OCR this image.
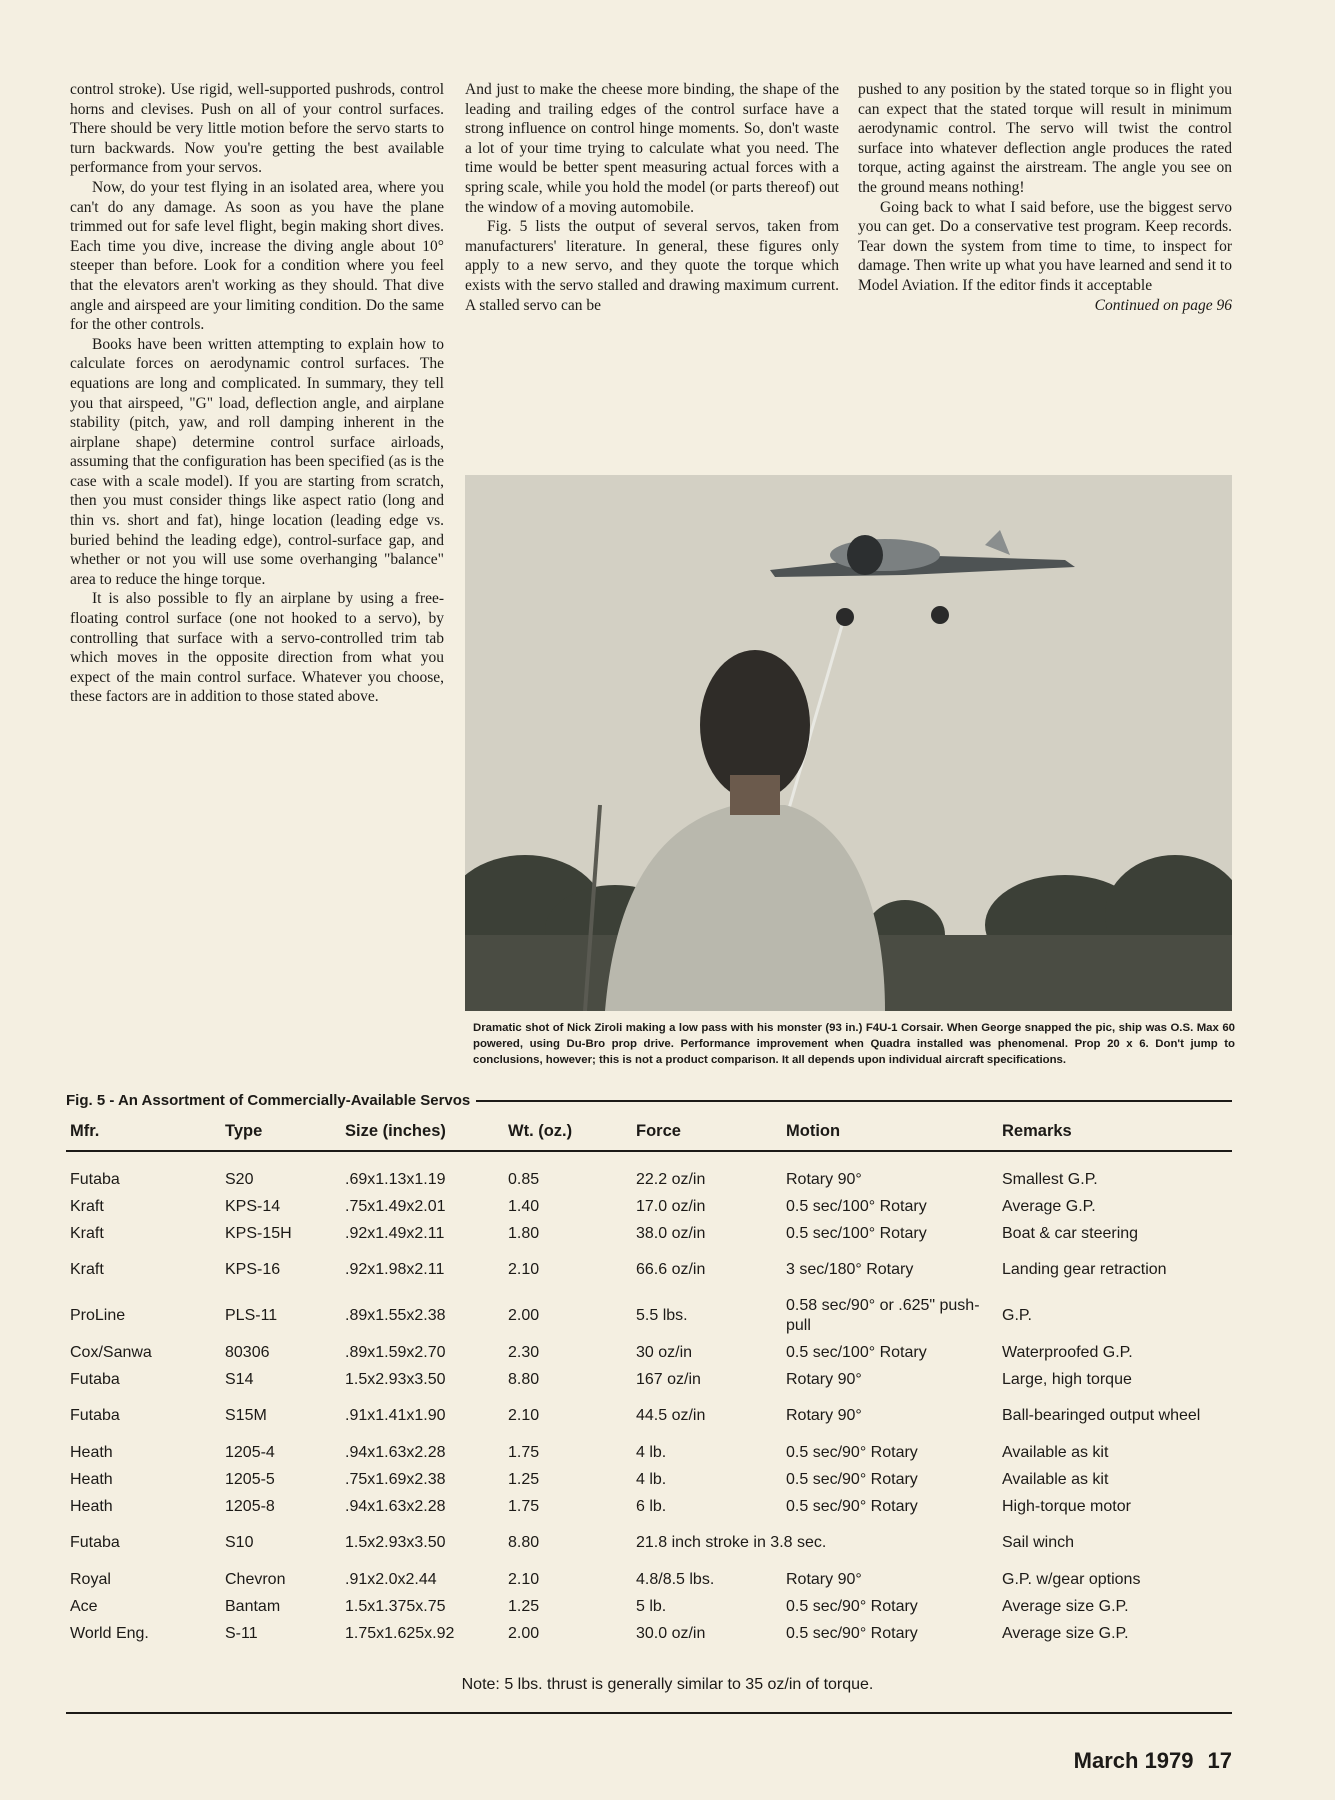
control stroke). Use rigid, well-supported pushrods, control horns and clevises. Push on all of your control surfaces. There should be very little motion before the servo starts to turn backwards. Now you're getting the best available performance from your servos.

Now, do your test flying in an isolated area, where you can't do any damage. As soon as you have the plane trimmed out for safe level flight, begin making short dives. Each time you dive, increase the diving angle about 10° steeper than before. Look for a condition where you feel that the elevators aren't working as they should. That dive angle and airspeed are your limiting condition. Do the same for the other controls.

Books have been written attempting to explain how to calculate forces on aerodynamic control surfaces. The equations are long and complicated. In summary, they tell you that airspeed, "G" load, deflection angle, and airplane stability (pitch, yaw, and roll damping inherent in the airplane shape) determine control surface airloads, assuming that the configuration has been specified (as is the case with a scale model). If you are starting from scratch, then you must consider things like aspect ratio (long and thin vs. short and fat), hinge location (leading edge vs. buried behind the leading edge), control-surface gap, and whether or not you will use some overhanging "balance" area to reduce the hinge torque.

It is also possible to fly an airplane by using a free-floating control surface (one not hooked to a servo), by controlling that surface with a servo-controlled trim tab which moves in the opposite direction from what you expect of the main control surface. Whatever you choose, these factors are in addition to those stated above.

And just to make the cheese more binding, the shape of the leading and trailing edges of the control surface have a strong influence on control hinge moments. So, don't waste a lot of your time trying to calculate what you need. The time would be better spent measuring actual forces with a spring scale, while you hold the model (or parts thereof) out the window of a moving automobile.

Fig. 5 lists the output of several servos, taken from manufacturers' literature. In general, these figures only apply to a new servo, and they quote the torque which exists with the servo stalled and drawing maximum current. A stalled servo can be

pushed to any position by the stated torque so in flight you can expect that the stated torque will result in minimum aerodynamic control. The servo will twist the control surface into whatever deflection angle produces the rated torque, acting against the airstream. The angle you see on the ground means nothing!

Going back to what I said before, use the biggest servo you can get. Do a conservative test program. Keep records. Tear down the system from time to time, to inspect for damage. Then write up what you have learned and send it to Model Aviation. If the editor finds it acceptable

Continued on page 96
Dramatic shot of Nick Ziroli making a low pass with his monster (93 in.) F4U-1 Corsair. When George snapped the pic, ship was O.S. Max 60 powered, using Du-Bro prop drive. Performance improvement when Quadra installed was phenomenal. Prop 20 x 6. Don't jump to conclusions, however; this is not a product comparison. It all depends upon individual aircraft specifications.
Fig. 5 - An Assortment of Commercially-Available Servos
Mfr.	Type	Size (inches)	Wt. (oz.)	Force	Motion	Remarks

Futaba	S20	.69x1.13x1.19	0.85	22.2 oz/in	Rotary 90°	Smallest G.P.
Kraft	KPS-14	.75x1.49x2.01	1.40	17.0 oz/in	0.5 sec/100° Rotary	Average G.P.
Kraft	KPS-15H	.92x1.49x2.11	1.80	38.0 oz/in	0.5 sec/100° Rotary	Boat & car steering
Kraft	KPS-16	.92x1.98x2.11	2.10	66.6 oz/in	3 sec/180° Rotary	Landing gear retraction
ProLine	PLS-11	.89x1.55x2.38	2.00	5.5 lbs.	0.58 sec/90° or .625" push-pull	G.P.
Cox/Sanwa	80306	.89x1.59x2.70	2.30	30 oz/in	0.5 sec/100° Rotary	Waterproofed G.P.
Futaba	S14	1.5x2.93x3.50	8.80	167 oz/in	Rotary 90°	Large, high torque
Futaba	S15M	.91x1.41x1.90	2.10	44.5 oz/in	Rotary 90°	Ball-bearinged output wheel
Heath	1205-4	.94x1.63x2.28	1.75	4 lb.	0.5 sec/90° Rotary	Available as kit
Heath	1205-5	.75x1.69x2.38	1.25	4 lb.	0.5 sec/90° Rotary	Available as kit
Heath	1205-8	.94x1.63x2.28	1.75	6 lb.	0.5 sec/90° Rotary	High-torque motor
Futaba	S10	1.5x2.93x3.50	8.80	21.8 inch stroke in 3.8 sec.		Sail winch
Royal	Chevron	.91x2.0x2.44	2.10	4.8/8.5 lbs.	Rotary 90°	G.P. w/gear options
Ace	Bantam	1.5x1.375x.75	1.25	5 lb.	0.5 sec/90° Rotary	Average size G.P.
World Eng.	S-11	1.75x1.625x.92	2.00	30.0 oz/in	0.5 sec/90° Rotary	Average size G.P.
Note: 5 lbs. thrust is generally similar to 35 oz/in of torque.
March 1979 17
